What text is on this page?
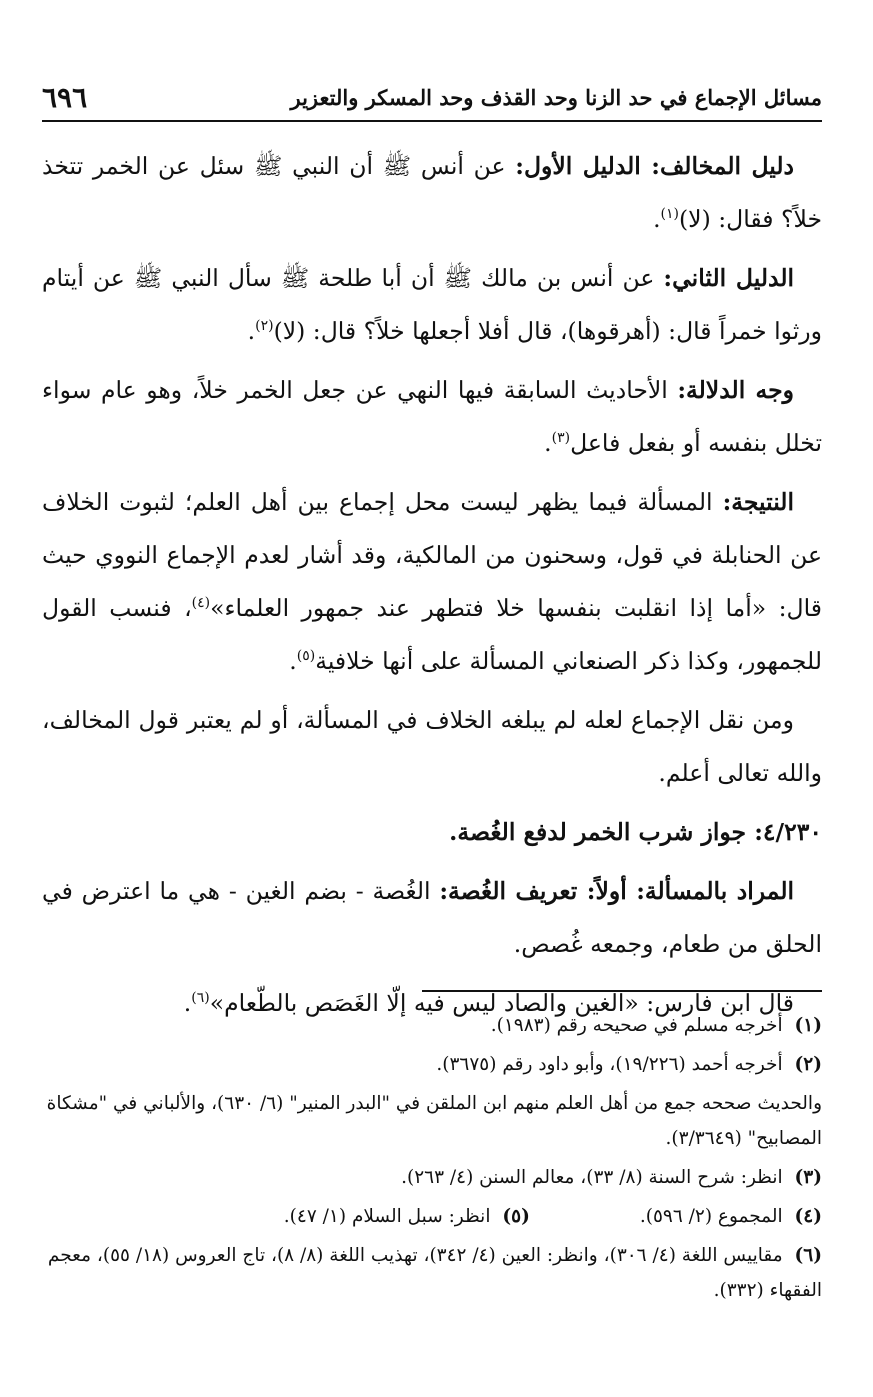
مسائل الإجماع في حد الزنا وحد القذف وحد المسكر والتعزير
٦٩٦

دليل المخالف: الدليل الأول: عن أنس ﷺ أن النبي ﷺ سئل عن الخمر تتخذ خلاً؟ فقال: (لا)$^{(١)}$.

الدليل الثاني: عن أنس بن مالك ﷺ أن أبا طلحة ﷺ سأل النبي ﷺ عن أيتام ورثوا خمراً قال: (أهرقوها)، قال أفلا أجعلها خلاً؟ قال: (لا)$^{(٢)}$.

وجه الدلالة: الأحاديث السابقة فيها النهي عن جعل الخمر خلاً، وهو عام سواء تخلل بنفسه أو بفعل فاعل$^{(٣)}$.

النتيجة: المسألة فيما يظهر ليست محل إجماع بين أهل العلم؛ لثبوت الخلاف عن الحنابلة في قول، وسحنون من المالكية، وقد أشار لعدم الإجماع النووي حيث قال: «أما إذا انقلبت بنفسها خلا فتطهر عند جمهور العلماء»$^{(٤)}$، فنسب القول للجمهور، وكذا ذكر الصنعاني المسألة على أنها خلافية$^{(٥)}$.

ومن نقل الإجماع لعله لم يبلغه الخلاف في المسألة، أو لم يعتبر قول المخالف، والله تعالى أعلم.

٤/٢٣٠: جواز شرب الخمر لدفع الغُصة.

المراد بالمسألة: أولاً: تعريف الغُصة: الغُصة - بضم الغين - هي ما اعترض في الحلق من طعام، وجمعه غُصص.

قال ابن فارس: «الغين والصاد ليس فيه إلّا الغَصَص بالطّعام»$^{(٦)}$.

(١) أخرجه مسلم في صحيحه رقم (١٩٨٣).
(٢) أخرجه أحمد (١٩/٢٢٦)، وأبو داود رقم (٣٦٧٥).
والحديث صححه جمع من أهل العلم منهم ابن الملقن في "البدر المنير" (٦/ ٦٣٠)، والألباني في "مشكاة المصابيح" (٣/٣٦٤٩).
(٣) انظر: شرح السنة (٨/ ٣٣)، معالم السنن (٤/ ٢٦٣).
(٤) المجموع (٢/ ٥٩٦).
(٥) انظر: سبل السلام (١/ ٤٧).
(٦) مقاييس اللغة (٤/ ٣٠٦)، وانظر: العين (٤/ ٣٤٢)، تهذيب اللغة (٨/ ٨)، تاج العروس (١٨/ ٥٥)، معجم الفقهاء (٣٣٢).
